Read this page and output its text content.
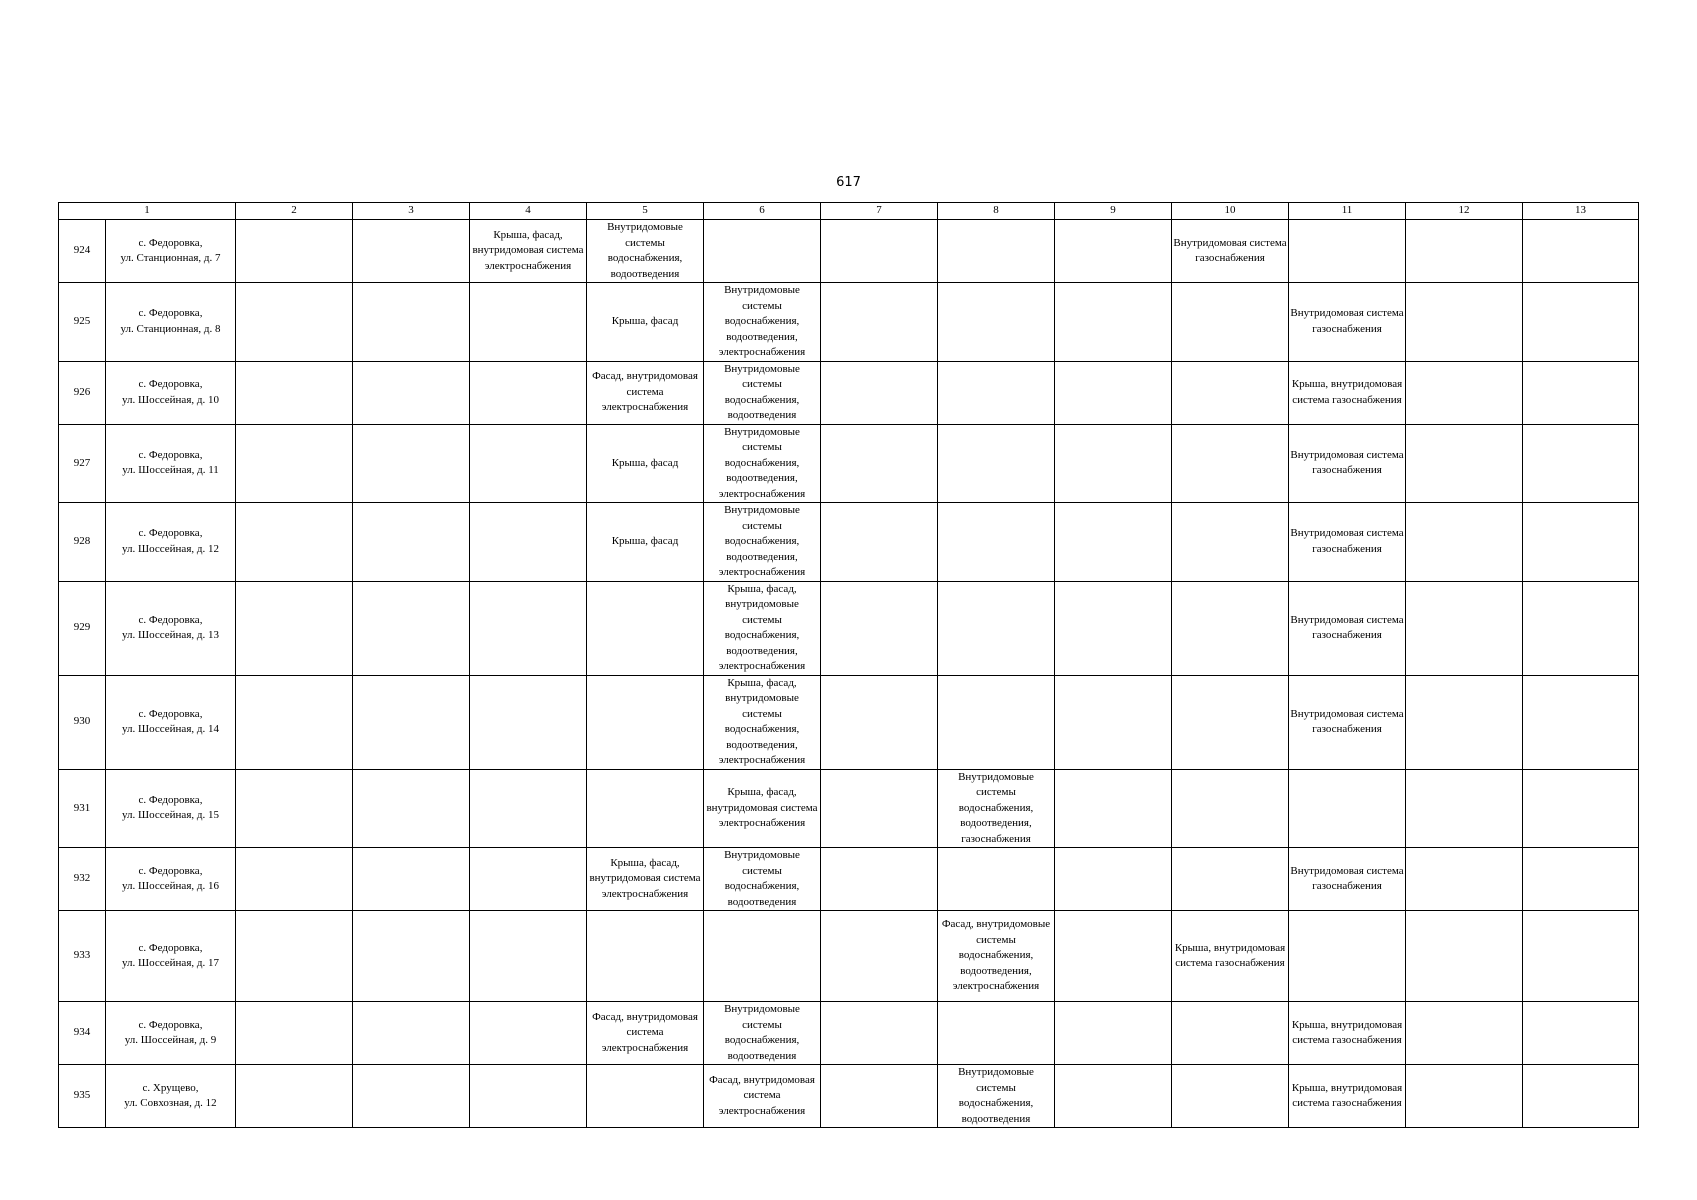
617
1		2	3	4	5	6	7	8	9	10	11	12	13
924	с. Федоровка,
ул. Станционная, д. 7			Крыша, фасад, внутридомовая система электроснабжения	Внутридомовые системы водоснабжения, водоотведения					Внутридомовая система газоснабжения			
925	с. Федоровка,
ул. Станционная, д. 8				Крыша, фасад	Внутридомовые системы водоснабжения, водоотведения, электроснабжения					Внутридомовая система газоснабжения		
926	с. Федоровка,
ул. Шоссейная, д. 10				Фасад, внутридомовая система электроснабжения	Внутридомовые системы водоснабжения, водоотведения					Крыша, внутридомовая система газоснабжения		
927	с. Федоровка,
ул. Шоссейная, д. 11				Крыша, фасад	Внутридомовые системы водоснабжения, водоотведения, электроснабжения					Внутридомовая система газоснабжения		
928	с. Федоровка,
ул. Шоссейная, д. 12				Крыша, фасад	Внутридомовые системы водоснабжения, водоотведения, электроснабжения					Внутридомовая система газоснабжения		
929	с. Федоровка,
ул. Шоссейная, д. 13					Крыша, фасад, внутридомовые системы водоснабжения, водоотведения, электроснабжения					Внутридомовая система газоснабжения		
930	с. Федоровка,
ул. Шоссейная, д. 14					Крыша, фасад, внутридомовые системы водоснабжения, водоотведения, электроснабжения					Внутридомовая система газоснабжения		
931	с. Федоровка,
ул. Шоссейная, д. 15					Крыша, фасад, внутридомовая система электроснабжения		Внутридомовые системы водоснабжения, водоотведения, газоснабжения					
932	с. Федоровка,
ул. Шоссейная, д. 16				Крыша, фасад, внутридомовая система электроснабжения	Внутридомовые системы водоснабжения, водоотведения					Внутридомовая система газоснабжения		
933	с. Федоровка,
ул. Шоссейная, д. 17							Фасад, внутридомовые системы водоснабжения, водоотведения, электроснабжения		Крыша, внутридомовая система газоснабжения			
934	с. Федоровка,
ул. Шоссейная, д. 9				Фасад, внутридомовая система электроснабжения	Внутридомовые системы водоснабжения, водоотведения					Крыша, внутридомовая система газоснабжения		
935	с. Хрущево,
ул. Совхозная, д. 12					Фасад, внутридомовая система электроснабжения		Внутридомовые системы водоснабжения, водоотведения			Крыша, внутридомовая система газоснабжения		
